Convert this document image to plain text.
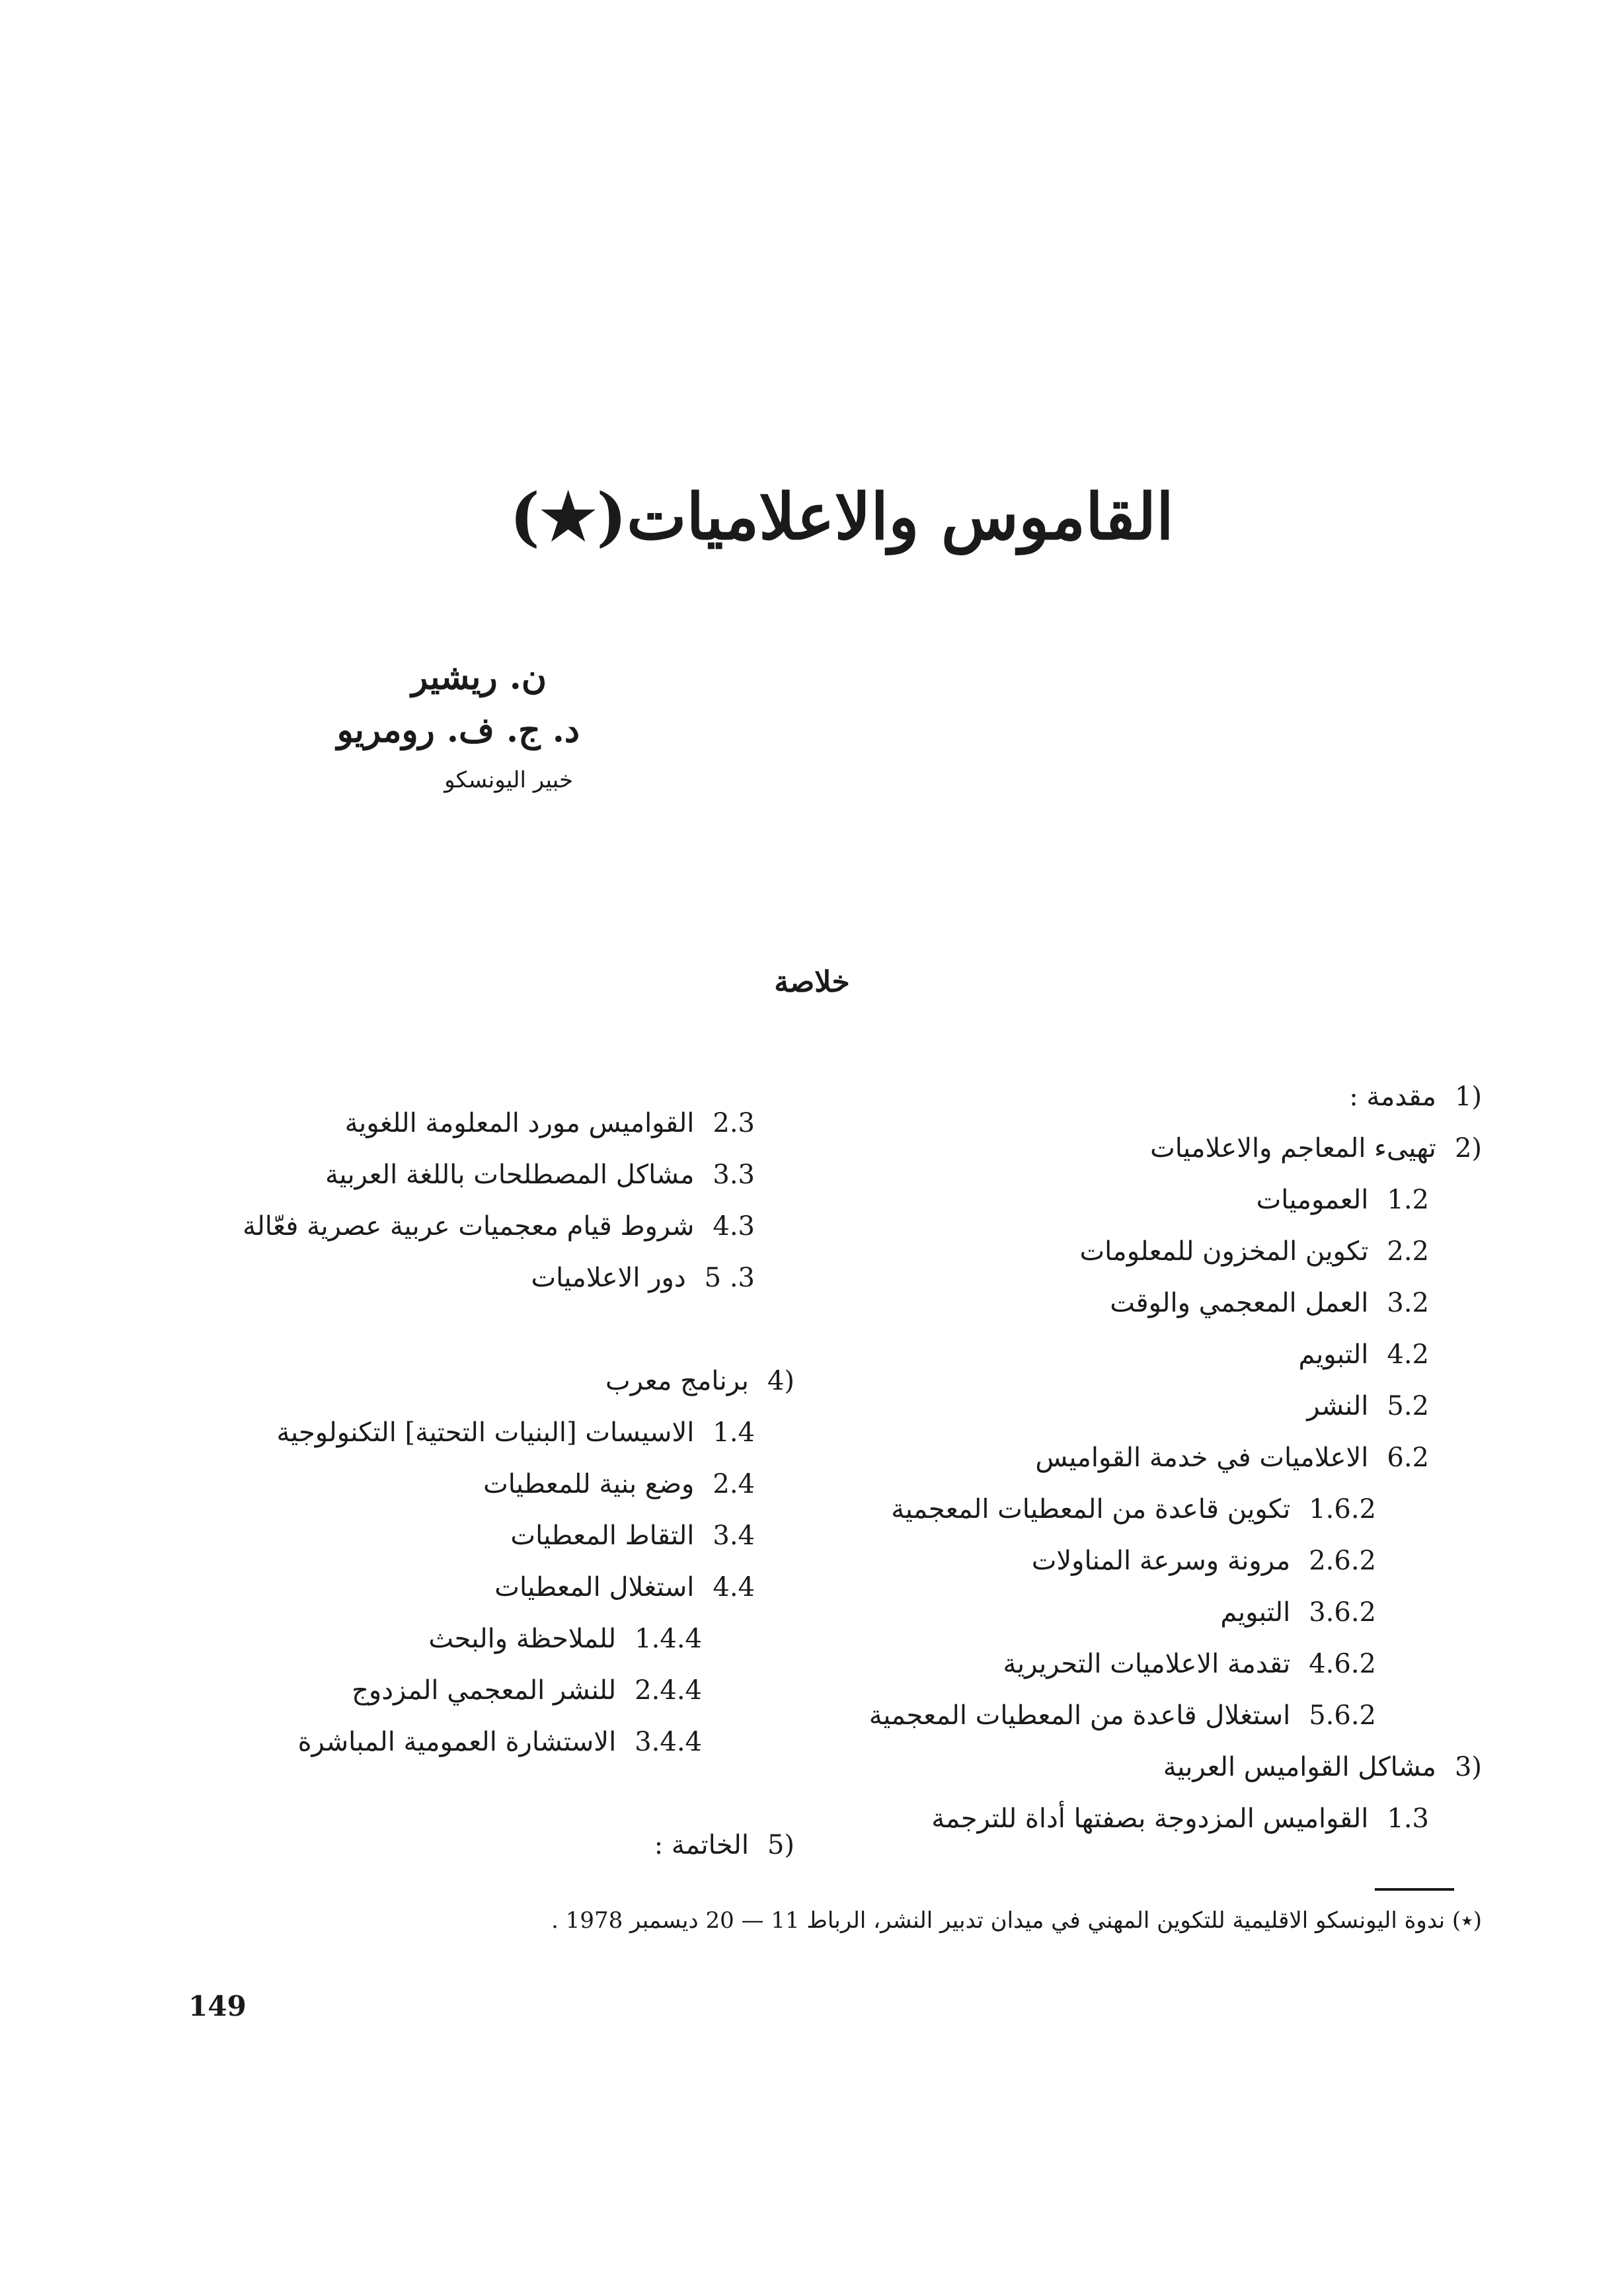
القاموس والاعلاميات(★)
ن. ريشير
د. ج. ف. رومريو
خبير اليونسكو
خلاصة
1)
مقدمة :
2)
تهيىء المعاجم والاعلاميات
1.2
العموميات
2.2
تكوين المخزون للمعلومات
3.2
العمل المعجمي والوقت
4.2
التبويم
5.2
النشر
6.2
الاعلاميات في خدمة القواميس
1.6.2
تكوين قاعدة من المعطيات المعجمية
2.6.2
مرونة وسرعة المناولات
3.6.2
التبويم
4.6.2
تقدمة الاعلاميات التحريرية
5.6.2
استغلال قاعدة من المعطيات المعجمية
3)
مشاكل القواميس العربية
1.3
القواميس المزدوجة بصفتها أداة للترجمة
2.3
القواميس مورد المعلومة اللغوية
3.3
مشاكل المصطلحات باللغة العربية
4.3
شروط قيام معجميات عربية عصرية فعّالة
5 .3
دور الاعلاميات
4)
برنامج معرب
1.4
الاسيسات [البنيات التحتية] التكنولوجية
2.4
وضع بنية للمعطيات
3.4
التقاط المعطيات
4.4
استغلال المعطيات
1.4.4
للملاحظة والبحث
2.4.4
للنشر المعجمي المزدوج
3.4.4
الاستشارة العمومية المباشرة
5)
الخاتمة :
(٭) ندوة اليونسكو الاقليمية للتكوين المهني في ميدان تدبير النشر، الرباط 11 — 20 ديسمبر 1978 .
149
